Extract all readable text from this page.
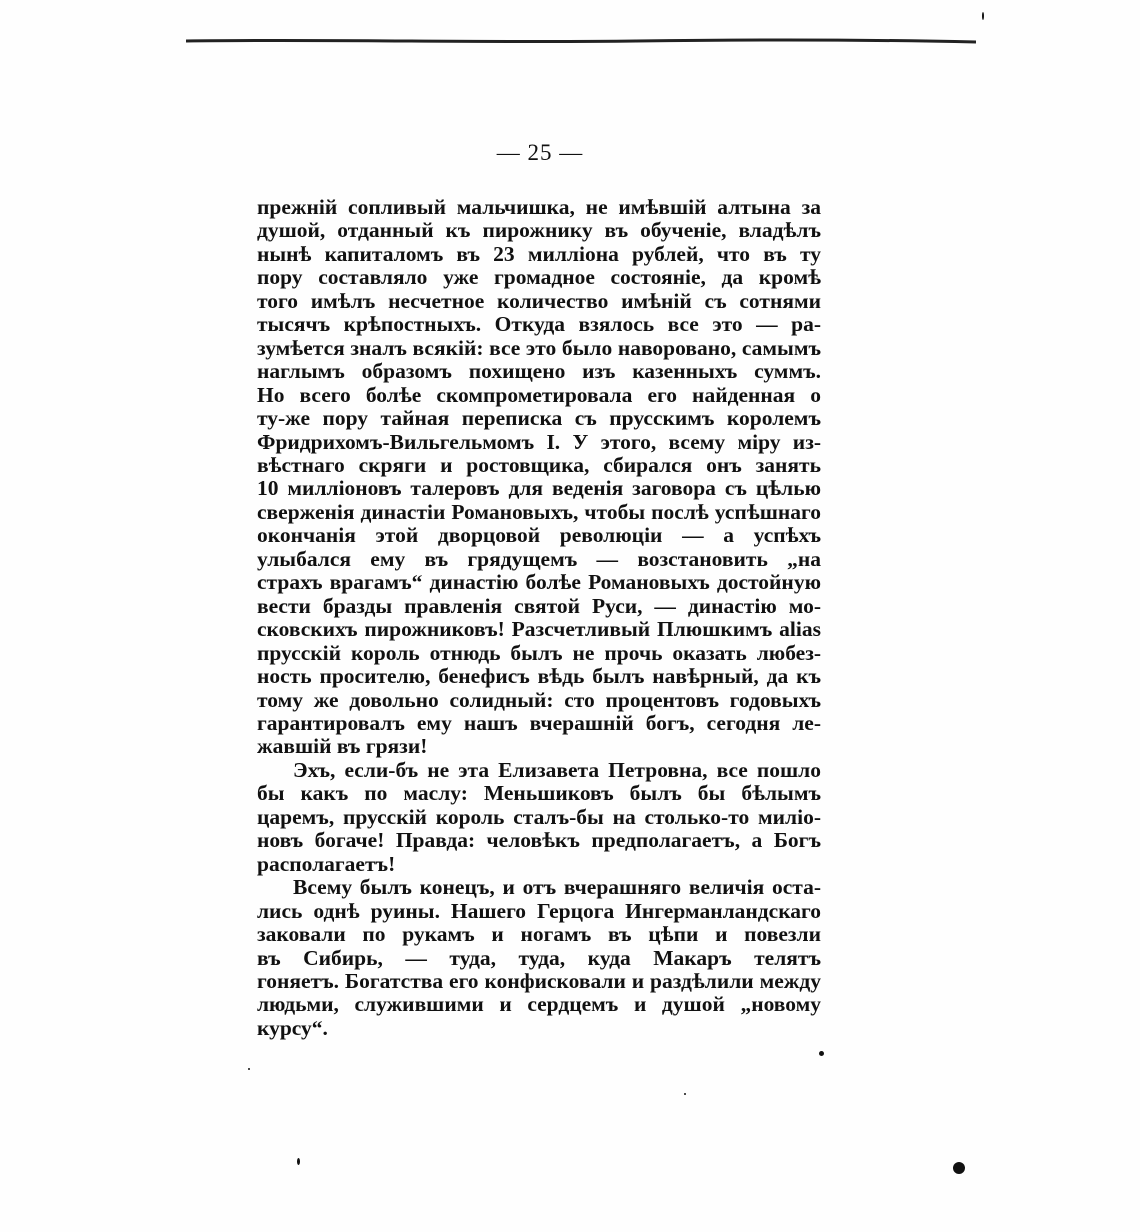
— 25 —
прежнiй сопливый мальчишка, не имѣвшiй алтына за
душой, отданный къ пирожнику въ обученiе, владѣлъ
нынѣ капиталомъ въ 23 миллiона рублей, что въ ту
пору составляло уже громадное состоянiе, да кромѣ
того имѣлъ несчетное количество имѣнiй съ сотнями
тысячъ крѣпостныхъ. Откуда взялось все это — ра-
зумѣется зналъ всякiй: все это было наворовано, самымъ
наглымъ образомъ похищено изъ казенныхъ суммъ.
Но всего болѣе скомпрометировала его найденная о
ту-же пору тайная переписка съ прусскимъ королемъ
Фридрихомъ-Вильгельмомъ I. У этого, всему мiру из-
вѣстнаго скряги и ростовщика, сбирался онъ занять
10 миллiоновъ талеровъ для веденiя заговора съ цѣлью
сверженiя династiи Романовыхъ, чтобы послѣ успѣшнаго
окончанiя этой дворцовой революцiи — а успѣхъ
улыбался ему въ грядущемъ — возстановить „на
страхъ врагамъ“ династiю болѣе Романовыхъ достойную
вести бразды правленiя святой Руси, — династiю мо-
сковскихъ пирожниковъ! Разсчетливый Плюшкимъ alias
прусскiй король отнюдь былъ не прочь оказать любез-
ность просителю, бенефисъ вѣдь былъ навѣрный, да къ
тому же довольно солидный: сто процентовъ годовыхъ
гарантировалъ ему нашъ вчерашнiй богъ, сегодня ле-
жавшiй въ грязи!
Эхъ, если-бъ не эта Елизавета Петровна, все пошло
бы какъ по маслу: Меньшиковъ былъ бы бѣлымъ
царемъ, прусскiй король сталъ-бы на столько-то милiо-
новъ богаче! Правда: человѣкъ предполагаетъ, а Богъ
располагаетъ!
Всему былъ конецъ, и отъ вчерашняго величiя оста-
лись однѣ руины. Нашего Герцога Ингерманландскаго
заковали по рукамъ и ногамъ въ цѣпи и повезли
въ Сибирь, — туда, туда, куда Макаръ телятъ
гоняетъ. Богатства его конфисковали и раздѣлили между
людьми, служившими и сердцемъ и душой „новому
курсу“.
